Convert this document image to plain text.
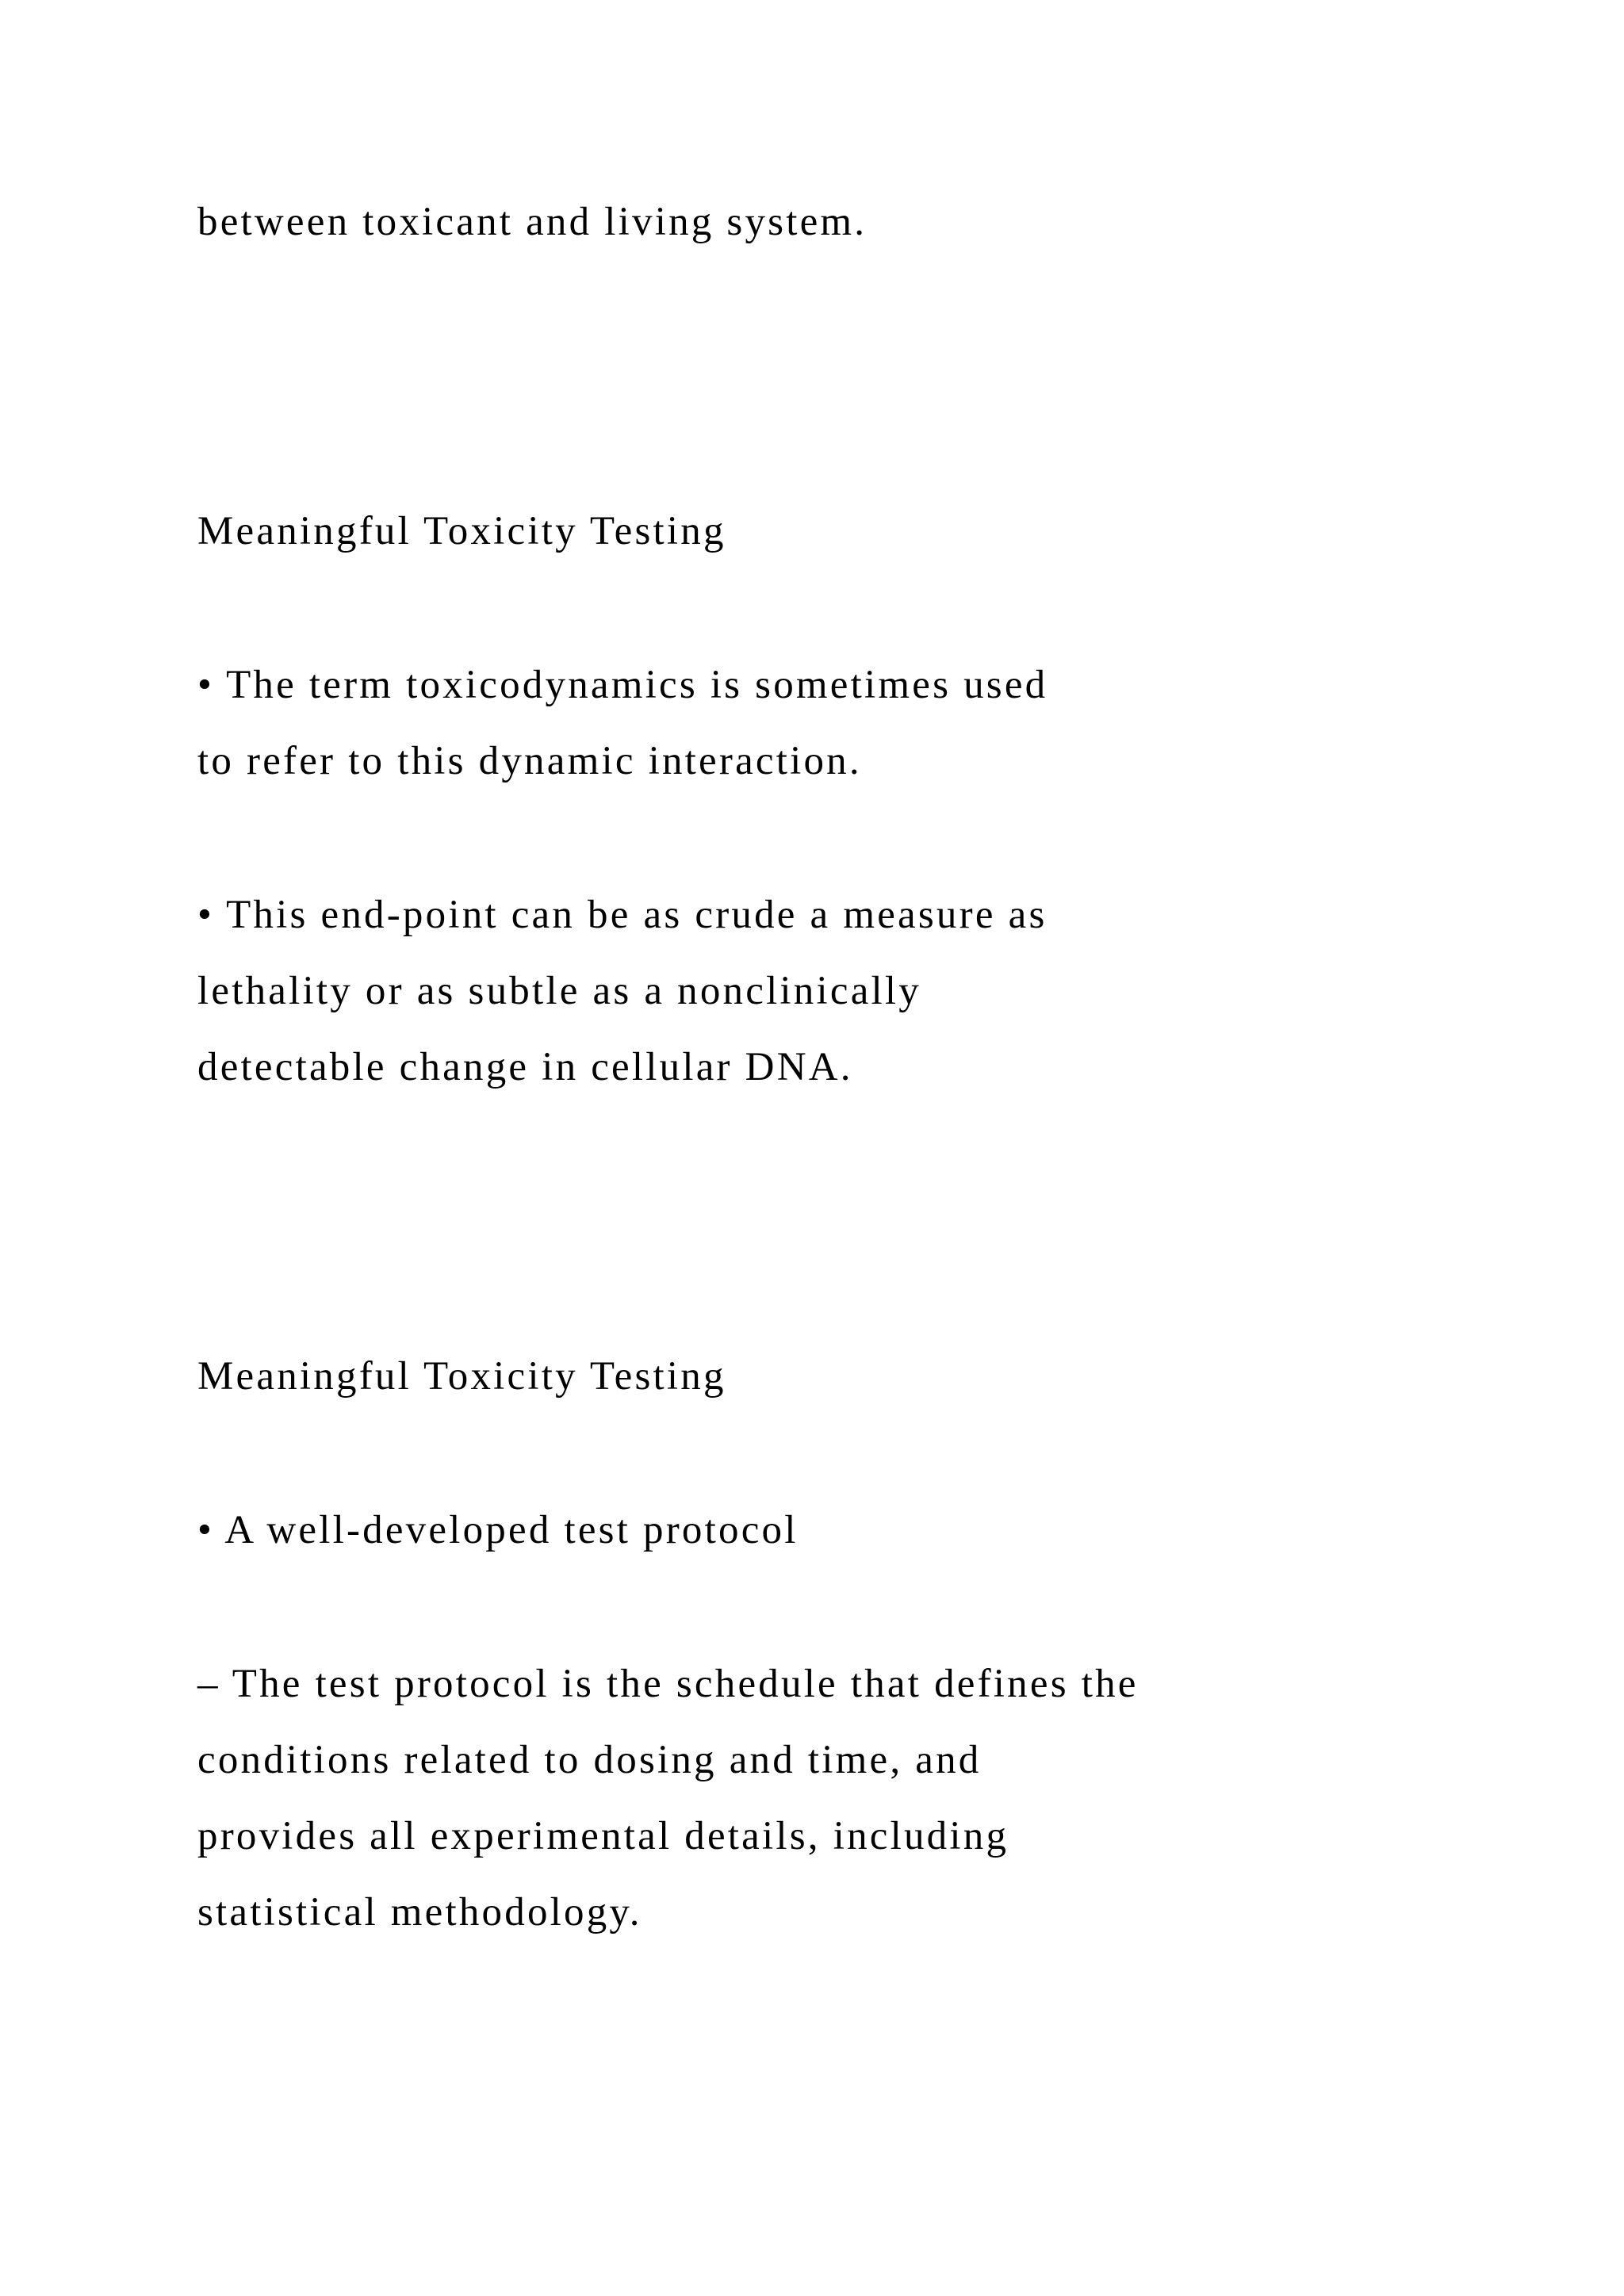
between toxicant and living system.

Meaningful Toxicity Testing

• The term toxicodynamics is sometimes used

to refer to this dynamic interaction.

• This end-point can be as crude a measure as

lethality or as subtle as a nonclinically

detectable change in cellular DNA.

Meaningful Toxicity Testing

• A well-developed test protocol

– The test protocol is the schedule that defines the

conditions related to dosing and time, and

provides all experimental details, including

statistical methodology.
